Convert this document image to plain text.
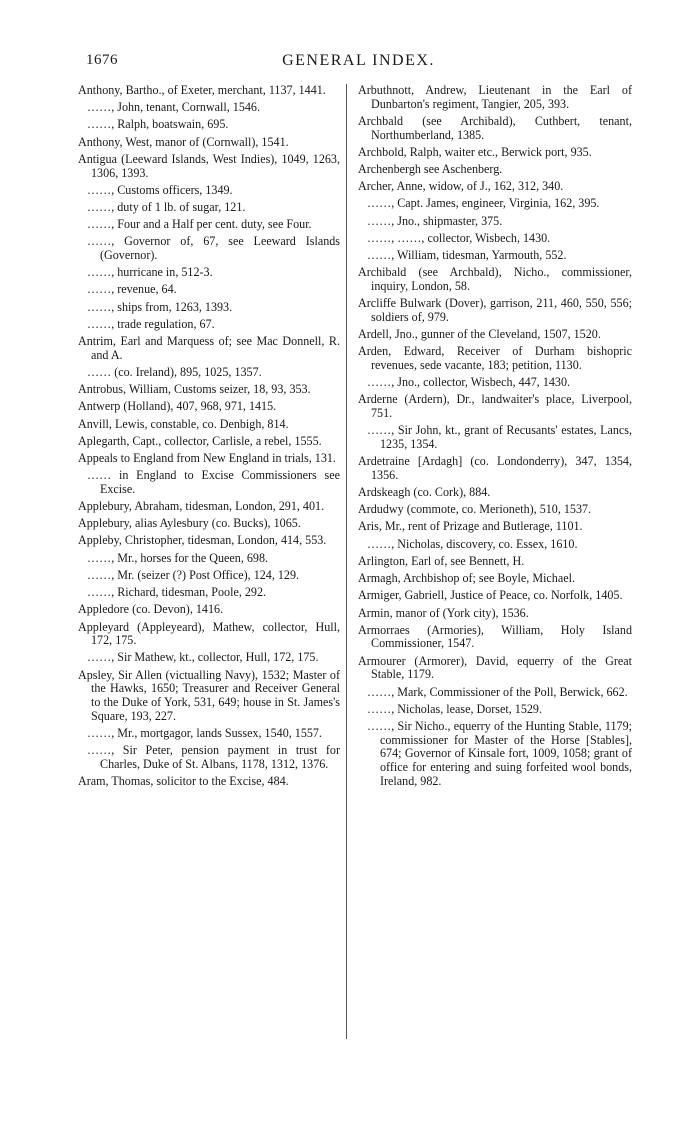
1676	GENERAL INDEX.
Anthony, Bartho., of Exeter, merchant, 1137, 1441.
……, John, tenant, Cornwall, 1546.
……, Ralph, boatswain, 695.
Anthony, West, manor of (Cornwall), 1541.
Antigua (Leeward Islands, West Indies), 1049, 1263, 1306, 1393.
……, Customs officers, 1349.
……, duty of 1 lb. of sugar, 121.
……, Four and a Half per cent. duty, see Four.
……, Governor of, 67, see Leeward Islands (Governor).
……, hurricane in, 512-3.
……, revenue, 64.
……, ships from, 1263, 1393.
……, trade regulation, 67.
Antrim, Earl and Marquess of; see Mac Donnell, R. and A.
…… (co. Ireland), 895, 1025, 1357.
Antrobus, William, Customs seizer, 18, 93, 353.
Antwerp (Holland), 407, 968, 971, 1415.
Anvill, Lewis, constable, co. Denbigh, 814.
Aplegarth, Capt., collector, Carlisle, a rebel, 1555.
Appeals to England from New England in trials, 131.
…… in England to Excise Commissioners see Excise.
Applebury, Abraham, tidesman, London, 291, 401.
Applebury, alias Aylesbury (co. Bucks), 1065.
Appleby, Christopher, tidesman, London, 414, 553.
……, Mr., horses for the Queen, 698.
……, Mr. (seizer (?) Post Office), 124, 129.
……, Richard, tidesman, Poole, 292.
Appledore (co. Devon), 1416.
Appleyard (Appleyeard), Mathew, collector, Hull, 172, 175.
……, Sir Mathew, kt., collector, Hull, 172, 175.
Apsley, Sir Allen (victualling Navy), 1532; Master of the Hawks, 1650; Treasurer and Receiver General to the Duke of York, 531, 649; house in St. James's Square, 193, 227.
……, Mr., mortgagor, lands Sussex, 1540, 1557.
……, Sir Peter, pension payment in trust for Charles, Duke of St. Albans, 1178, 1312, 1376.
Aram, Thomas, solicitor to the Excise, 484.
Arbuthnott, Andrew, Lieutenant in the Earl of Dunbarton's regiment, Tangier, 205, 393.
Archbald (see Archibald), Cuthbert, tenant, Northumberland, 1385.
Archbold, Ralph, waiter etc., Berwick port, 935.
Archenbergh see Aschenberg.
Archer, Anne, widow, of J., 162, 312, 340.
……, Capt. James, engineer, Virginia, 162, 395.
……, Jno., shipmaster, 375.
……, ……, collector, Wisbech, 1430.
……, William, tidesman, Yarmouth, 552.
Archibald (see Archbald), Nicho., commissioner, inquiry, London, 58.
Arcliffe Bulwark (Dover), garrison, 211, 460, 550, 556; soldiers of, 979.
Ardell, Jno., gunner of the Cleveland, 1507, 1520.
Arden, Edward, Receiver of Durham bishopric revenues, sede vacante, 183; petition, 1130.
……, Jno., collector, Wisbech, 447, 1430.
Arderne (Ardern), Dr., landwaiter's place, Liverpool, 751.
……, Sir John, kt., grant of Recusants' estates, Lancs, 1235, 1354.
Ardetraine [Ardagh] (co. Londonderry), 347, 1354, 1356.
Ardskeagh (co. Cork), 884.
Ardudwy (commote, co. Merioneth), 510, 1537.
Aris, Mr., rent of Prizage and Butlerage, 1101.
……, Nicholas, discovery, co. Essex, 1610.
Arlington, Earl of, see Bennett, H.
Armagh, Archbishop of; see Boyle, Michael.
Armiger, Gabriell, Justice of Peace, co. Norfolk, 1405.
Armin, manor of (York city), 1536.
Armorraes (Armories), William, Holy Island Commissioner, 1547.
Armourer (Armorer), David, equerry of the Great Stable, 1179.
……, Mark, Commissioner of the Poll, Berwick, 662.
……, Nicholas, lease, Dorset, 1529.
……, Sir Nicho., equerry of the Hunting Stable, 1179; commissioner for Master of the Horse [Stables], 674; Governor of Kinsale fort, 1009, 1058; grant of office for entering and suing forfeited wool bonds, Ireland, 982.
